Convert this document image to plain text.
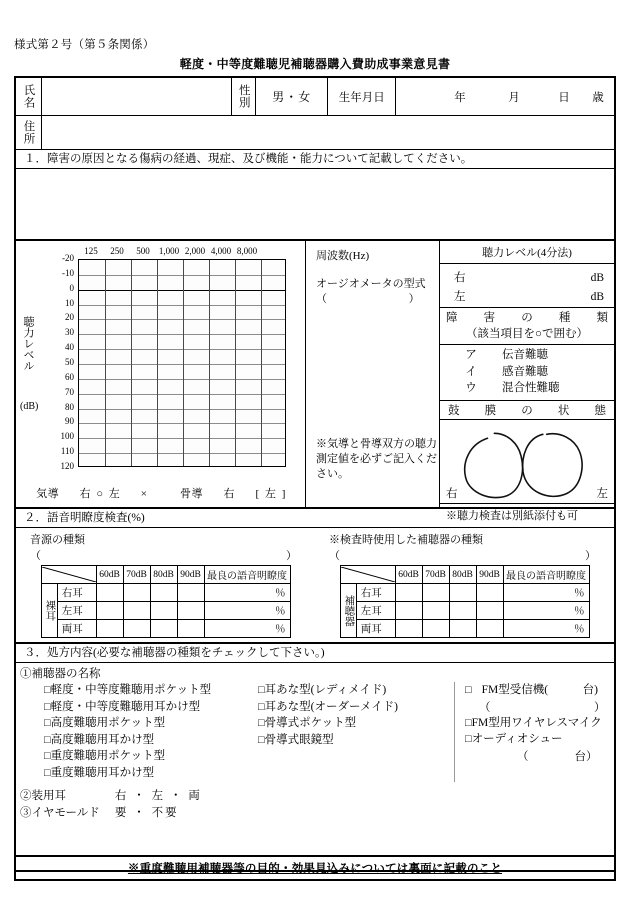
様式第２号（第５条関係）
軽度・中等度難聴児補聴器購入費助成事業意見書
氏名	性別	男・女	生年月日	年	月	日 歳
住所
１．障害の原因となる傷病の経過、現症、及び機能・能力について記載してください。
聴力レベル
(dB)
-20
-10
0
10
20
30
40
50
60
70
80
90
100
110
120
125	250	500	1,000 2,000 4,000 8,000
気導 右 ○ 左 ×	骨導 右 [ 左 ]
周波数(Hz)
オージオメータの型式
（	）
※気導と骨導双方の聴力測定値を必ずご記入ください。
聴力レベル(4分法)
右	dB
左	dB
障 害 の 種 類
（該当項目を○で囲む）
ア	伝音難聴
イ	感音難聴
ウ	混合性難聴
鼓 膜 の 状 態
右	左
※聴力検査は別紙添付も可
２．語音明瞭度検査(%)
音源の種類
（	）
※検査時使用した補聴器の種類
（	）
	60dB	70dB	80dB	90dB	最良の語音明瞭度

裸耳	右耳					％
	左耳					％
	両耳					％
	60dB	70dB	80dB	90dB	最良の語音明瞭度

補聴器	右耳					％
	左耳					％
	両耳					％
３．処方内容(必要な補聴器の種類をチェックして下さい。)
①補聴器の名称
□軽度・中等度難聴用ポケット型
□軽度・中等度難聴用耳かけ型
□高度難聴用ポケット型
□高度難聴用耳かけ型
□重度難聴用ポケット型
□重度難聴用耳かけ型
□耳あな型(レディメイド)
□耳あな型(オーダーメイド)
□骨導式ポケット型
□骨導式眼鏡型
□ FM型受信機(　　　台)
（　　　　　　　　　）
□FM型用ワイヤレスマイク
□オーディオシュー
（　　　　台）
②装用耳	右 ・ 左 ・ 両
③イヤモールド 要 ・ 不要
※重度難聴用補聴器等の目的・効果見込みについては裏面に記載のこと
